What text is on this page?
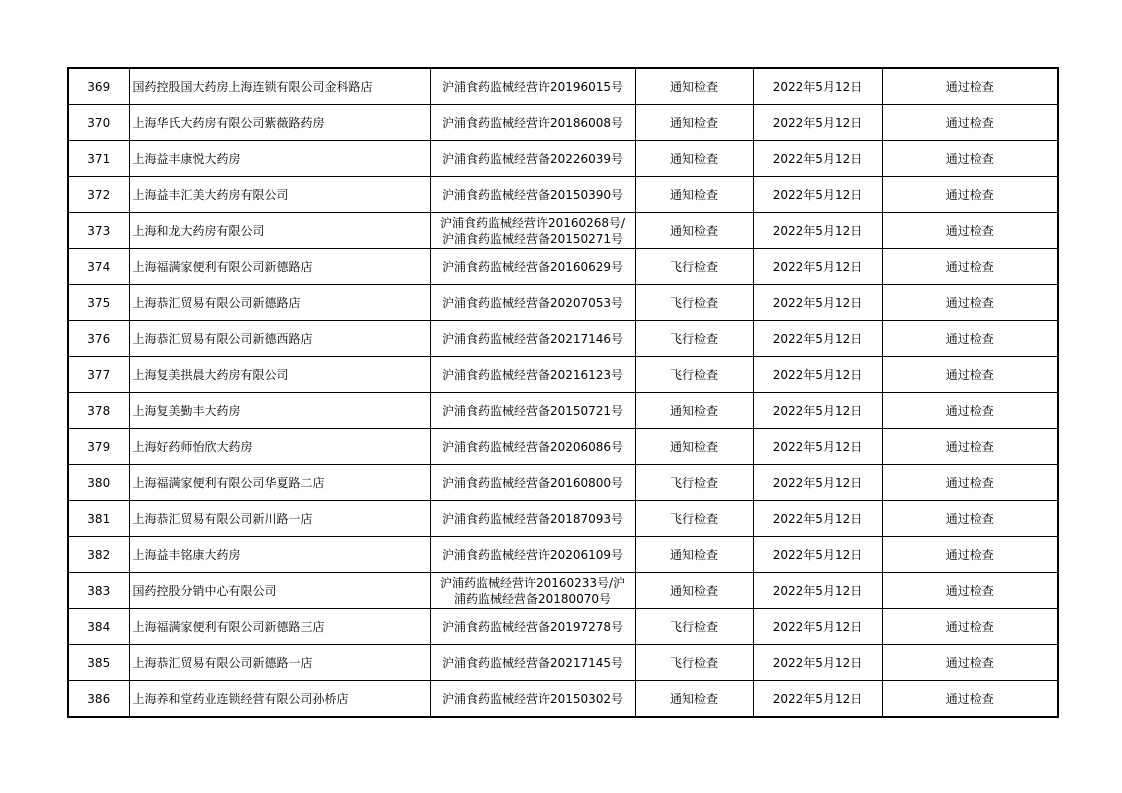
369	国药控股国大药房上海连锁有限公司金科路店	沪浦食药监械经营许20196015号	通知检查	2022年5月12日	通过检查
370	上海华氏大药房有限公司紫薇路药房	沪浦食药监械经营许20186008号	通知检查	2022年5月12日	通过检查
371	上海益丰康悦大药房	沪浦食药监械经营备20226039号	通知检查	2022年5月12日	通过检查
372	上海益丰汇美大药房有限公司	沪浦食药监械经营备20150390号	通知检查	2022年5月12日	通过检查
373	上海和龙大药房有限公司	沪浦食药监械经营许20160268号/
沪浦食药监械经营备20150271号	通知检查	2022年5月12日	通过检查
374	上海福满家便利有限公司新德路店	沪浦食药监械经营备20160629号	飞行检查	2022年5月12日	通过检查
375	上海恭汇贸易有限公司新德路店	沪浦食药监械经营备20207053号	飞行检查	2022年5月12日	通过检查
376	上海恭汇贸易有限公司新德西路店	沪浦食药监械经营备20217146号	飞行检查	2022年5月12日	通过检查
377	上海复美拱晨大药房有限公司	沪浦食药监械经营备20216123号	飞行检查	2022年5月12日	通过检查
378	上海复美勤丰大药房	沪浦食药监械经营备20150721号	通知检查	2022年5月12日	通过检查
379	上海好药师怡欣大药房	沪浦食药监械经营备20206086号	通知检查	2022年5月12日	通过检查
380	上海福满家便利有限公司华夏路二店	沪浦食药监械经营备20160800号	飞行检查	2022年5月12日	通过检查
381	上海恭汇贸易有限公司新川路一店	沪浦食药监械经营备20187093号	飞行检查	2022年5月12日	通过检查
382	上海益丰铭康大药房	沪浦食药监械经营许20206109号	通知检查	2022年5月12日	通过检查
383	国药控股分销中心有限公司	沪浦药监械经营许20160233号/沪
浦药监械经营备20180070号	通知检查	2022年5月12日	通过检查
384	上海福满家便利有限公司新德路三店	沪浦食药监械经营备20197278号	飞行检查	2022年5月12日	通过检查
385	上海恭汇贸易有限公司新德路一店	沪浦食药监械经营备20217145号	飞行检查	2022年5月12日	通过检查
386	上海养和堂药业连锁经营有限公司孙桥店	沪浦食药监械经营许20150302号	通知检查	2022年5月12日	通过检查
